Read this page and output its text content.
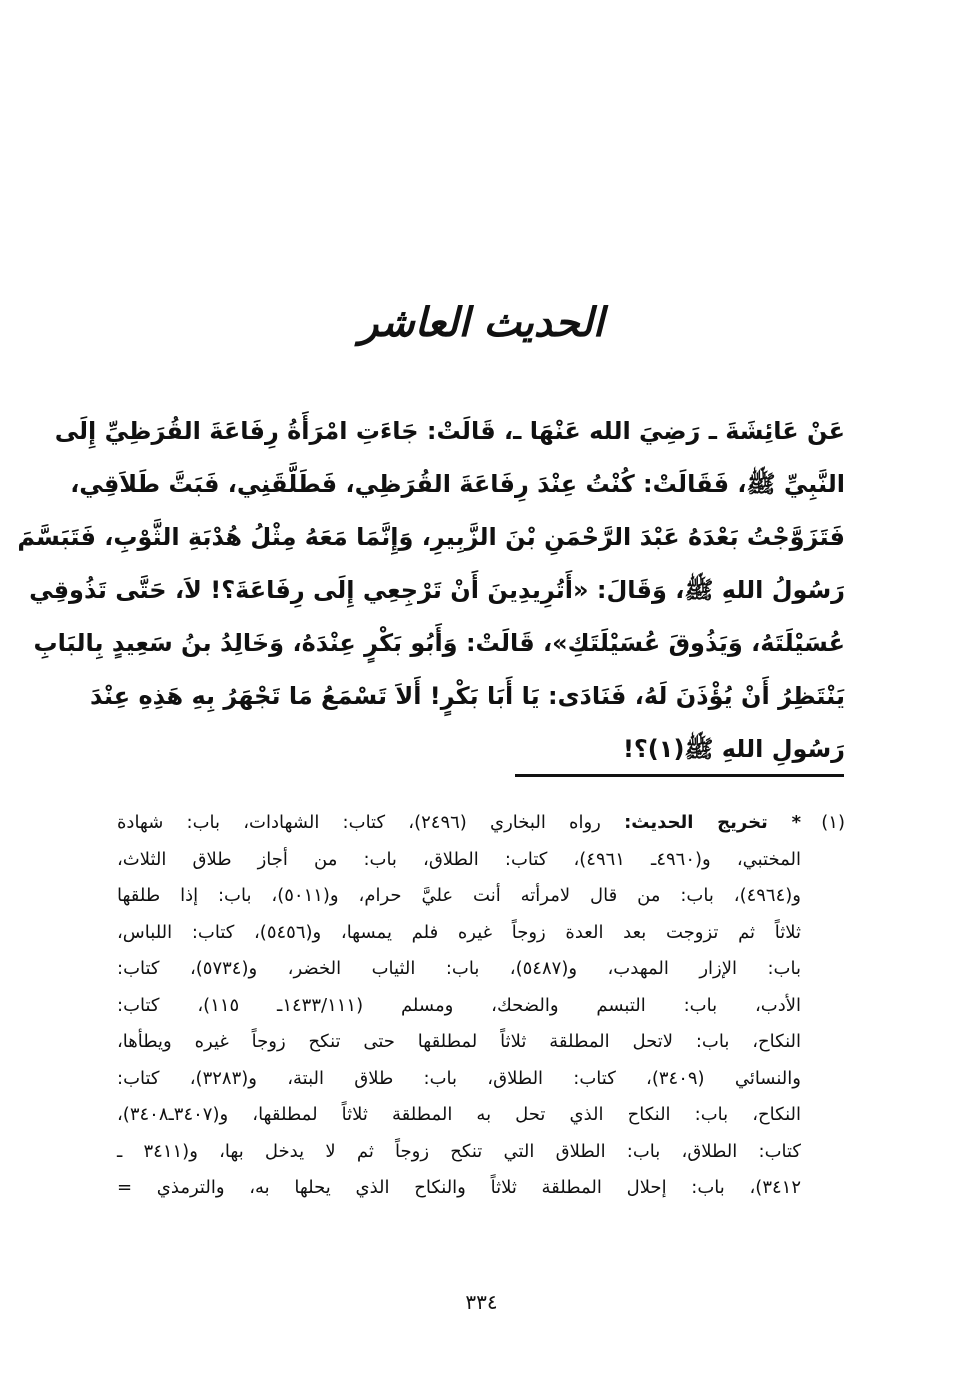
الحديث العاشر
عَنْ عَائِشَةَ ـ رَضِيَ الله عَنْهَا ـ، قَالَتْ: جَاءَتِ امْرَأَةُ رِفَاعَةَ القُرَظِيِّ إِلَى
النَّبِيِّ ﷺ، فَقَالَتْ: كُنْتُ عِنْدَ رِفَاعَةَ القُرَظِي، فَطَلَّقَنِي، فَبَتَّ طَلاَقِي،
فَتَزَوَّجْتُ بَعْدَهُ عَبْدَ الرَّحْمَنِ بْنَ الزَّبِيرِ، وَإِنَّمَا مَعَهُ مِثْلُ هُدْبَةِ الثَّوْبِ، فَتَبَسَّمَ
رَسُولُ اللهِ ﷺ، وَقَالَ: «أَتُرِيدِينَ أَنْ تَرْجِعِي إِلَى رِفَاعَةَ؟! لاَ، حَتَّى تَذُوقِي
عُسَيْلَتَهُ، وَيَذُوقَ عُسَيْلَتَكِ»، قَالَتْ: وَأَبُو بَكْرٍ عِنْدَهُ، وَخَالِدُ بنُ سَعِيدٍ بِالبَابِ
يَنْتَظِرُ أَنْ يُؤْذَنَ لَهُ، فَنَادَى: يَا أَبَا بَكْرٍ! أَلاَ تَسْمَعُ مَا تَجْهَرُ بِهِ هَذِهِ عِنْدَ
رَسُولِ اللهِ ﷺ(١)؟!
(١)* تخريج الحديث: رواه البخاري (٢٤٩٦)، كتاب: الشهادات، باب: شهادة
المختبي، و(٤٩٦٠ـ ٤٩٦١)، كتاب: الطلاق، باب: من أجاز طلاق الثلاث،
و(٤٩٦٤)، باب: من قال لامرأته أنت عليَّ حرام، و(٥٠١١)، باب: إذا طلقها
ثلاثاً ثم تزوجت بعد العدة زوجاً غيره فلم يمسها، و(٥٤٥٦)، كتاب: اللباس،
باب: الإزار المهدب، و(٥٤٨٧)، باب: الثياب الخضر، و(٥٧٣٤)، كتاب:
الأدب، باب: التبسم والضحك، ومسلم (١٤٣٣/١١١ـ ١١٥)، كتاب:
النكاح، باب: لاتحل المطلقة ثلاثاً لمطلقها حتى تنكح زوجاً غيره ويطأها،
والنسائي (٣٤٠٩)، كتاب: الطلاق، باب: طلاق البتة، و(٣٢٨٣)، كتاب:
النكاح، باب: النكاح الذي تحل به المطلقة ثلاثاً لمطلقها، و(٣٤٠٧ـ٣٤٠٨)،
كتاب: الطلاق، باب: الطلاق التي تنكح زوجاً ثم لا يدخل بها، و(٣٤١١ ـ
٣٤١٢)، باب: إحلال المطلقة ثلاثاً والنكاح الذي يحلها به، والترمذي =
٣٣٤
